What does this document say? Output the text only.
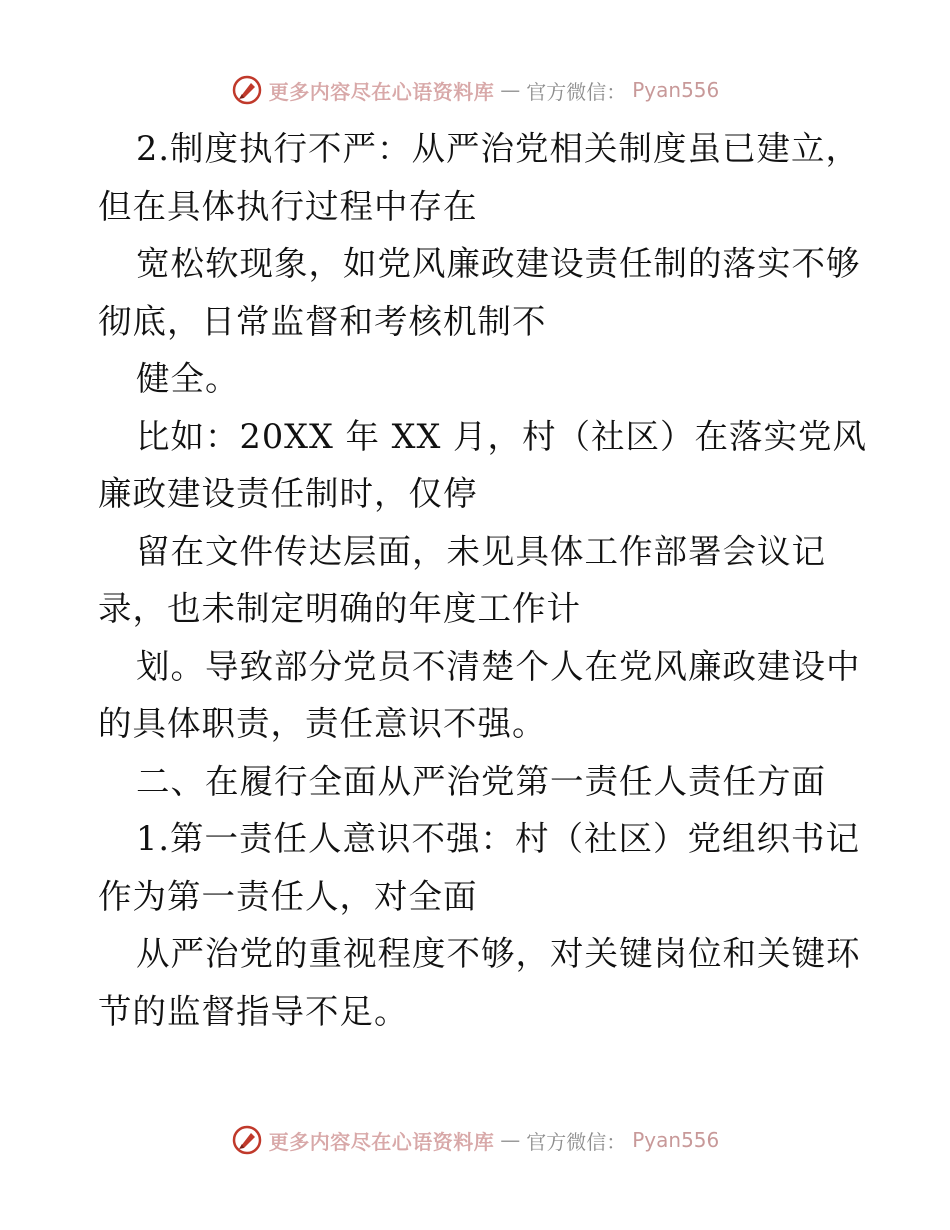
更多内容尽在心语资料库 — 官方微信： Pyan556
2.制度执行不严：从严治党相关制度虽已建立，
但在具体执行过程中存在
宽松软现象，如党风廉政建设责任制的落实不够
彻底，日常监督和考核机制不
健全。
比如：20XX 年 XX 月，村（社区）在落实党风
廉政建设责任制时，仅停
留在文件传达层面，未见具体工作部署会议记
录，也未制定明确的年度工作计
划。导致部分党员不清楚个人在党风廉政建设中
的具体职责，责任意识不强。
二、在履行全面从严治党第一责任人责任方面
1.第一责任人意识不强：村（社区）党组织书记
作为第一责任人，对全面
从严治党的重视程度不够，对关键岗位和关键环
节的监督指导不足。
更多内容尽在心语资料库 — 官方微信： Pyan556
